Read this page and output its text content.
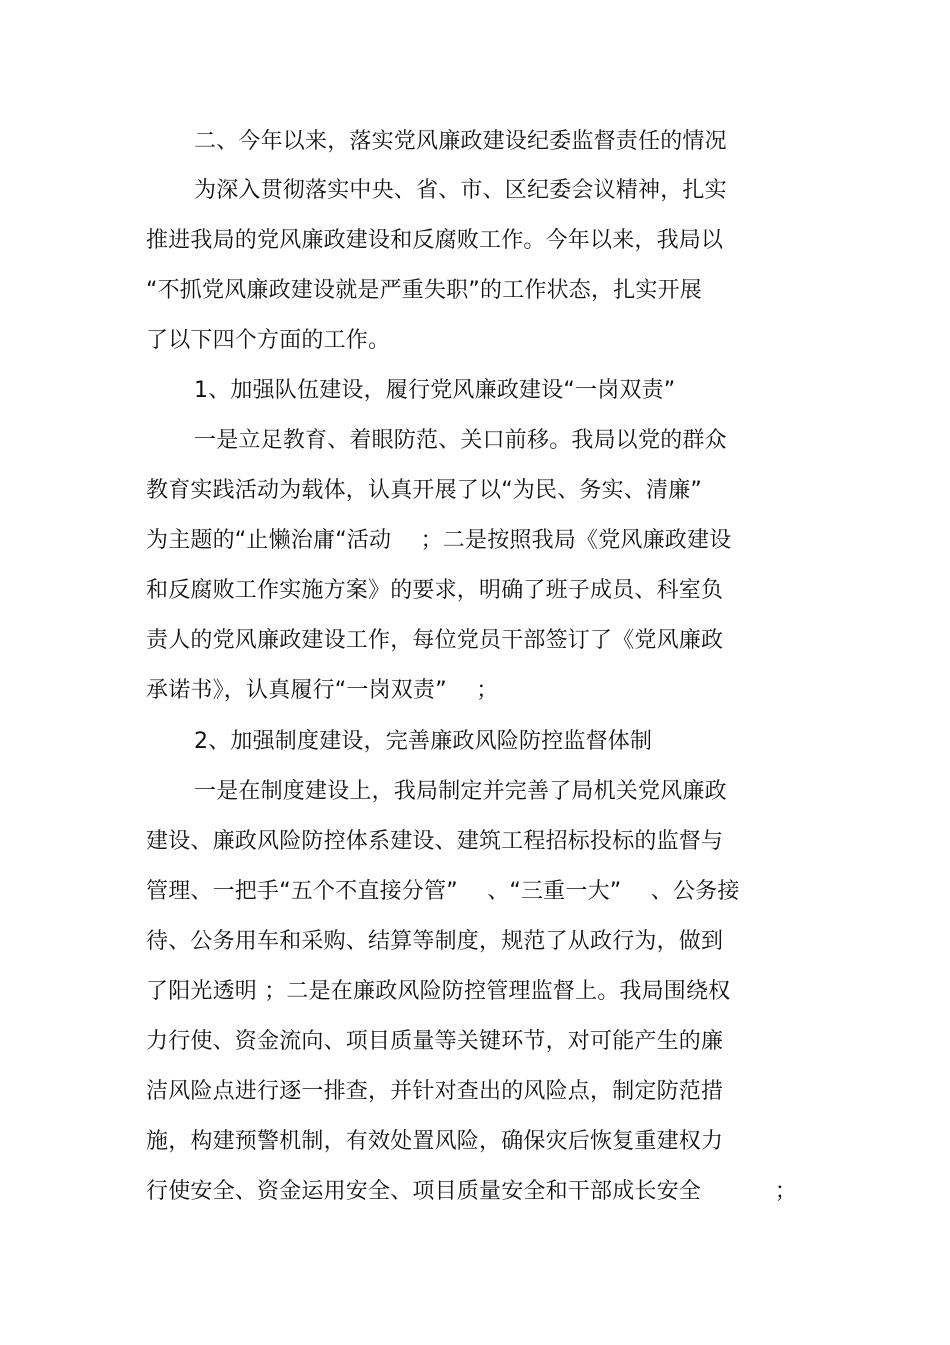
二、今年以来，落实党风廉政建设纪委监督责任的情况
为深入贯彻落实中央、省、市、区纪委会议精神，扎实
推进我局的党风廉政建设和反腐败工作。今年以来，我局以
“不抓党风廉政建设就是严重失职”的工作状态，扎实开展
了以下四个方面的工作。
1、加强队伍建设，履行党风廉政建设“一岗双责”
一是立足教育、着眼防范、关口前移。我局以党的群众
教育实践活动为载体，认真开展了以“为民、务实、清廉”
为主题的“止懒治庸“活动　 ；二是按照我局《党风廉政建设
和反腐败工作实施方案》的要求，明确了班子成员、科室负
责人的党风廉政建设工作，每位党员干部签订了《党风廉政
承诺书》，认真履行“一岗双责”　 ；
2、加强制度建设，完善廉政风险防控监督体制
一是在制度建设上，我局制定并完善了局机关党风廉政
建设、廉政风险防控体系建设、建筑工程招标投标的监督与
管理、一把手“五个不直接分管”　 、“三重一大”　 、公务接
待、公务用车和采购、结算等制度，规范了从政行为，做到
了阳光透明 ；二是在廉政风险防控管理监督上。我局围绕权
力行使、资金流向、项目质量等关键环节，对可能产生的廉
洁风险点进行逐一排查，并针对查出的风险点，制定防范措
施，构建预警机制，有效处置风险，确保灾后恢复重建权力
行使安全、资金运用安全、项目质量安全和干部成长安全　　　 ；
